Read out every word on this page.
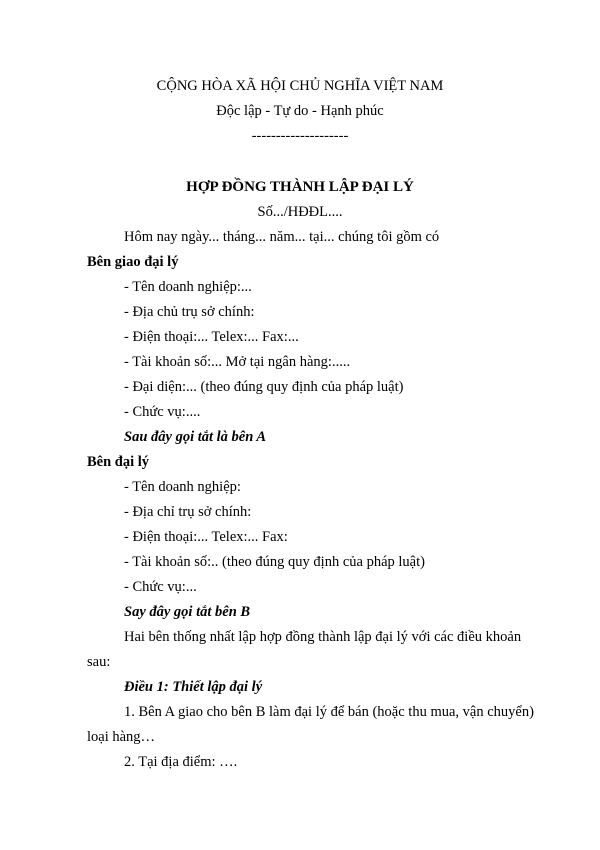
CỘNG HÒA XÃ HỘI CHỦ NGHĨA VIỆT NAM
Độc lập - Tự do - Hạnh phúc
--------------------
HỢP ĐỒNG THÀNH LẬP ĐẠI LÝ
Số.../HĐĐL....
Hôm nay ngày... tháng... năm... tại... chúng tôi gồm có
Bên giao đại lý
- Tên doanh nghiệp:...
- Địa chủ trụ sở chính:
- Điện thoại:... Telex:... Fax:...
- Tài khoản số:... Mở tại ngân hàng:.....
- Đại diện:... (theo đúng quy định của pháp luật)
- Chức vụ:....
Sau đây gọi tắt là bên A
Bên đại lý
- Tên doanh nghiệp:
- Địa chỉ trụ sở chính:
- Điện thoại:... Telex:... Fax:
- Tài khoản số:.. (theo đúng quy định của pháp luật)
- Chức vụ:...
Say đây gọi tắt bên B
Hai bên thống nhất lập hợp đồng thành lập đại lý với các điều khoản
sau:
Điều 1: Thiết lập đại lý
1. Bên A giao cho bên B làm đại lý để bán (hoặc thu mua, vận chuyển)
loại hàng…
2. Tại địa điểm: ….
